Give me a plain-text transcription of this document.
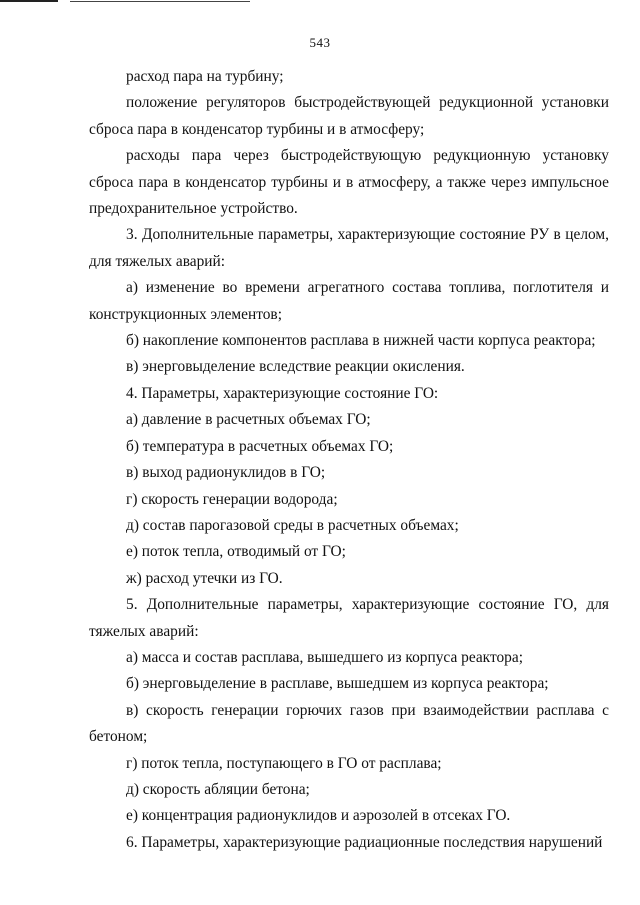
543

расход пара на турбину;

положение регуляторов быстродействующей редукционной установки сброса пара в конденсатор турбины и в атмосферу;

расходы пара через быстродействующую редукционную установку сброса пара в конденсатор турбины и в атмосферу, а также через импульсное предохранительное устройство.

3. Дополнительные параметры, характеризующие состояние РУ в целом, для тяжелых аварий:

а) изменение во времени агрегатного состава топлива, поглотителя и конструкционных элементов;

б) накопление компонентов расплава в нижней части корпуса реактора;

в) энерговыделение вследствие реакции окисления.

4. Параметры, характеризующие состояние ГО:

а) давление в расчетных объемах ГО;

б) температура в расчетных объемах ГО;

в) выход радионуклидов в ГО;

г) скорость генерации водорода;

д) состав парогазовой среды в расчетных объемах;

е) поток тепла, отводимый от ГО;

ж) расход утечки из ГО.

5. Дополнительные параметры, характеризующие состояние ГО, для тяжелых аварий:

а) масса и состав расплава, вышедшего из корпуса реактора;

б) энерговыделение в расплаве, вышедшем из корпуса реактора;

в) скорость генерации горючих газов при взаимодействии расплава с бетоном;

г) поток тепла, поступающего в ГО от расплава;

д) скорость абляции бетона;

е) концентрация радионуклидов и аэрозолей в отсеках ГО.

6. Параметры, характеризующие радиационные последствия нарушений
